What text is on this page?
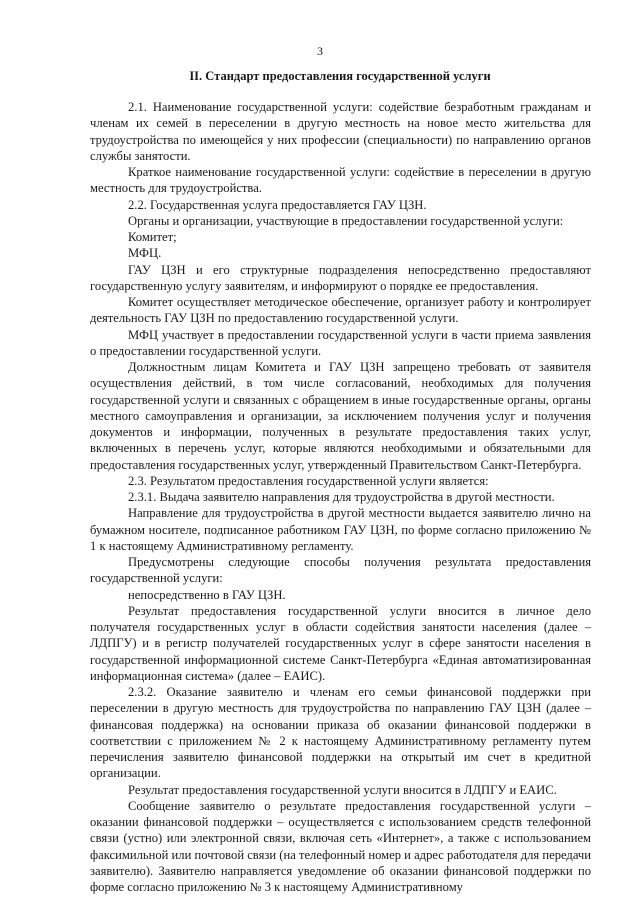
3
II. Стандарт предоставления государственной услуги

2.1. Наименование государственной услуги: содействие безработным гражданам и членам их семей в переселении в другую местность на новое место жительства для трудоустройства по имеющейся у них профессии (специальности) по направлению органов службы занятости.

Краткое наименование государственной услуги: содействие в переселении в другую местность для трудоустройства.

2.2. Государственная услуга предоставляется ГАУ ЦЗН.

Органы и организации, участвующие в предоставлении государственной услуги:

Комитет;

МФЦ.

ГАУ ЦЗН и его структурные подразделения непосредственно предоставляют государственную услугу заявителям, и информируют о порядке ее предоставления.

Комитет осуществляет методическое обеспечение, организует работу и контролирует деятельность ГАУ ЦЗН по предоставлению государственной услуги.

МФЦ участвует в предоставлении государственной услуги в части приема заявления о предоставлении государственной услуги.

Должностным лицам Комитета и ГАУ ЦЗН запрещено требовать от заявителя осуществления действий, в том числе согласований, необходимых для получения государственной услуги и связанных с обращением в иные государственные органы, органы местного самоуправления и организации, за исключением получения услуг и получения документов и информации, полученных в результате предоставления таких услуг, включенных в перечень услуг, которые являются необходимыми и обязательными для предоставления государственных услуг, утвержденный Правительством Санкт-Петербурга.

2.3. Результатом предоставления государственной услуги является:

2.3.1. Выдача заявителю направления для трудоустройства в другой местности.

Направление для трудоустройства в другой местности выдается заявителю лично на бумажном носителе, подписанное работником ГАУ ЦЗН, по форме согласно приложению № 1 к настоящему Административному регламенту.

Предусмотрены следующие способы получения результата предоставления государственной услуги:

непосредственно в ГАУ ЦЗН.

Результат предоставления государственной услуги вносится в личное дело получателя государственных услуг в области содействия занятости населения (далее – ЛДПГУ) и в регистр получателей государственных услуг в сфере занятости населения в государственной информационной системе Санкт-Петербурга «Единая автоматизированная информационная система» (далее – ЕАИС).

2.3.2. Оказание заявителю и членам его семьи финансовой поддержки при переселении в другую местность для трудоустройства по направлению ГАУ ЦЗН (далее – финансовая поддержка) на основании приказа об оказании финансовой поддержки в соответствии с приложением № 2 к настоящему Административному регламенту путем перечисления заявителю финансовой поддержки на открытый им счет в кредитной организации.

Результат предоставления государственной услуги вносится в ЛДПГУ и ЕАИС.

Сообщение заявителю о результате предоставления государственной услуги – оказании финансовой поддержки – осуществляется с использованием средств телефонной связи (устно) или электронной связи, включая сеть «Интернет», а также с использованием факсимильной или почтовой связи (на телефонный номер и адрес работодателя для передачи заявителю). Заявителю направляется уведомление об оказании финансовой поддержки по форме согласно приложению № 3 к настоящему Административному
